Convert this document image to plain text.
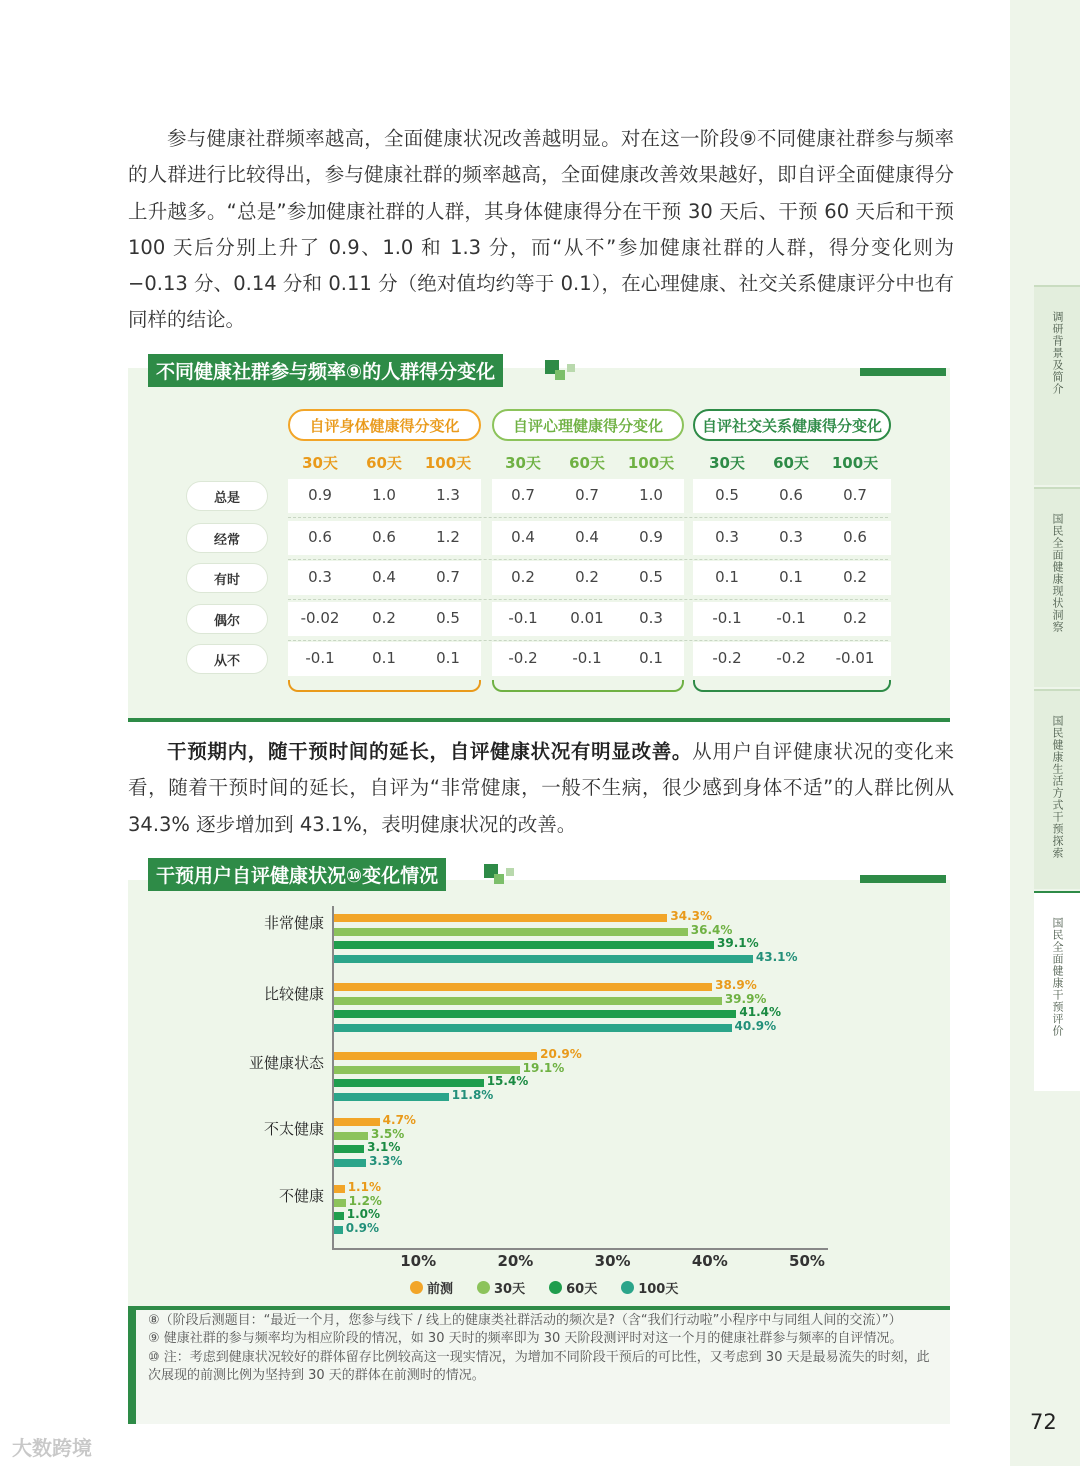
调研背景及简介
国民全面健康现状洞察
国民健康生活方式干预探索
国民全面健康干预评价

参与健康社群频率越高，全面健康状况改善越明显。对在这一阶段⑨不同健康社群参与频率的人群进行比较得出，参与健康社群的频率越高，全面健康改善效果越好，即自评全面健康得分上升越多。“总是”参加健康社群的人群，其身体健康得分在干预 30 天后、干预 60 天后和干预 100 天后分别上升了 0.9、1.0 和 1.3 分，而“从不”参加健康社群的人群，得分变化则为 −0.13 分、0.14 分和 0.11 分（绝对值均约等于 0.1），在心理健康、社交关系健康评分中也有同样的结论。

不同健康社群参与频率⑨的人群得分变化
自评身体健康得分变化
30天	60天	100天
自评心理健康得分变化
30天	60天	100天
自评社交关系健康得分变化
30天	60天	100天
总是	0.9	1.0	1.3	0.7	0.7	1.0	0.5	0.6	0.7
经常	0.6	0.6	1.2	0.4	0.4	0.9	0.3	0.3	0.6
有时	0.3	0.4	0.7	0.2	0.2	0.5	0.1	0.1	0.2
偶尔	-0.02	0.2	0.5	-0.1	0.01	0.3	-0.1	-0.1	0.2
从不	-0.1	0.1	0.1	-0.2	-0.1	0.1	-0.2	-0.2	-0.01

干预期内，随干预时间的延长，自评健康状况有明显改善。从用户自评健康状况的变化来看，随着干预时间的延长，自评为“非常健康，一般不生病，很少感到身体不适”的人群比例从 34.3% 逐步增加到 43.1%，表明健康状况的改善。

干预用户自评健康状况⑩变化情况
非常健康	34.3%
36.4%
39.1%
43.1%
比较健康	38.9%
39.9%
41.4%
40.9%
亚健康状态	20.9%
19.1%
15.4%
11.8%
不太健康	4.7%
3.5%
3.1%
3.3%
不健康 1.1%
1.2%
1.0%
0.9%
10%	20%	30%	40%	50%
前测	30天	60天	100天
⑧（阶段后测题目：“最近一个月，您参与线下 / 线上的健康类社群活动的频次是?（含“我们行动啦”小程序中与同组人间的交流）”）
⑨ 健康社群的参与频率均为相应阶段的情况，如 30 天时的频率即为 30 天阶段测评时对这一个月的健康社群参与频率的自评情况。
⑩ 注：考虑到健康状况较好的群体留存比例较高这一现实情况，为增加不同阶段干预后的可比性，又考虑到 30 天是最易流失的时刻，此次展现的前测比例为坚持到 30 天的群体在前测时的情况。
72
大数跨境
